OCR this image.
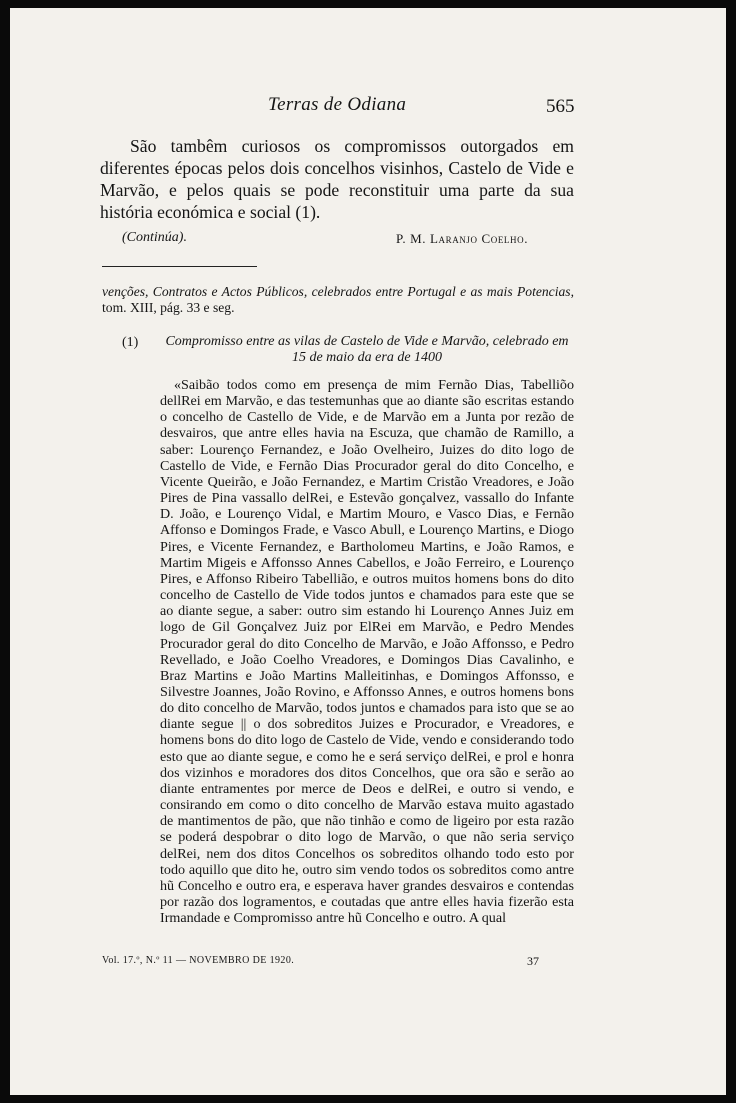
Terras de Odiana	565

São tambêm curiosos os compromissos outorgados em diferentes épocas pelos dois concelhos visinhos, Castelo de Vide e Marvão, e pelos quais se pode reconstituir uma parte da sua história económica e social (1).

(Continúa).	P. M. Laranjo Coelho.

venções, Contratos e Actos Públicos, celebrados entre Portugal e as mais Potencias, tom. XIII, pág. 33 e seg.

(1) Compromisso entre as vilas de Castelo de Vide e Marvão, celebrado em 15 de maio da era de 1400

«Saibão todos como em presença de mim Fernão Dias, Tabelliõo dellRei em Marvão, e das testemunhas que ao diante são escritas estando o concelho de Castello de Vide, e de Marvão em a Junta por rezão de desvairos, que antre elles havia na Escuza, que chamão de Ramillo, a saber: Lourenço Fernandez, e João Ovelheiro, Juizes do dito logo de Castello de Vide, e Fernão Dias Procurador geral do dito Concelho, e Vicente Queirão, e João Fernandez, e Martim Cristão Vreadores, e João Pires de Pina vassallo delRei, e Estevão gonçalvez, vassallo do Infante D. João, e Lourenço Vidal, e Martim Mouro, e Vasco Dias, e Fernão Affonso e Domingos Frade, e Vasco Abull, e Lourenço Martins, e Diogo Pires, e Vicente Fernandez, e Bartholomeu Martins, e João Ramos, e Martim Migeis e Affonsso Annes Cabellos, e João Ferreiro, e Lourenço Pires, e Affonso Ribeiro Tabellião, e outros muitos homens bons do dito concelho de Castello de Vide todos juntos e chamados para este que se ao diante segue, a saber: outro sim estando hi Lourenço Annes Juiz em logo de Gil Gonçalvez Juiz por ElRei em Marvão, e Pedro Mendes Procurador geral do dito Concelho de Marvão, e João Affonsso, e Pedro Revellado, e João Coelho Vreadores, e Domingos Dias Cavalinho, e Braz Martins e João Martins Malleitinhas, e Domingos Affonsso, e Silvestre Joannes, João Rovino, e Affonsso Annes, e outros homens bons do dito concelho de Marvão, todos juntos e chamados para isto que se ao diante segue || o dos sobreditos Juizes e Procurador, e Vreadores, e homens bons do dito logo de Castelo de Vide, vendo e considerando todo esto que ao diante segue, e como he e será serviço delRei, e prol e honra dos vizinhos e moradores dos ditos Concelhos, que ora são e serão ao diante entramentes por merce de Deos e delRei, e outro si vendo, e consirando em como o dito concelho de Marvão estava muito agastado de mantimentos de pão, que não tinhão e como de ligeiro por esta razão se poderá despobrar o dito logo de Marvão, o que não seria serviço delRei, nem dos ditos Concelhos os sobreditos olhando todo esto por todo aquillo que dito he, outro sim vendo todos os sobreditos como antre hũ Concelho e outro era, e esperava haver grandes desvairos e contendas por razão dos logramentos, e coutadas que antre elles havia fizerão esta Irmandade e Compromisso antre hũ Concelho e outro. A qual

Vol. 17.º, N.º 11 — NOVEMBRO DE 1920.	37
